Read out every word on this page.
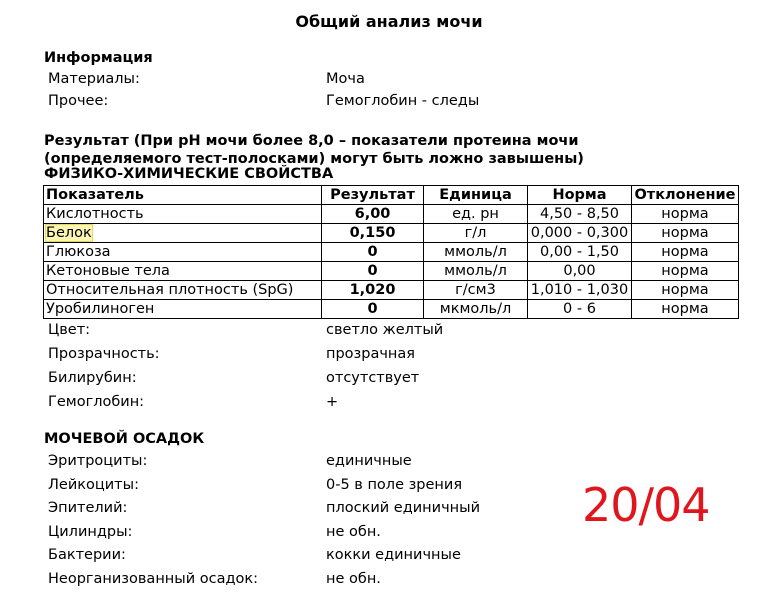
Общий анализ мочи
Информация
Материалы:	Моча
Прочее:	Гемоглобин - следы
Результат (При pH мочи более 8,0 – показатели протеина мочи
(определяемого тест-полосками) могут быть ложно завышены)
ФИЗИКО-ХИМИЧЕСКИЕ СВОЙСТВА
Показатель	Результат	Единица	Норма	Отклонение
Кислотность	6,00	ед. рн	4,50 - 8,50	норма
Белок	0,150	г/л	0,000 - 0,300	норма
Глюкоза	0	ммоль/л	0,00 - 1,50	норма
Кетоновые тела	0	ммоль/л	0,00	норма
Относительная плотность (SpG)	1,020	г/см3	1,010 - 1,030	норма
Уробилиноген	0	мкмоль/л	0 - 6	норма
Цвет:	светло желтый
Прозрачность:	прозрачная
Билирубин:	отсутствует
Гемоглобин:	+
МОЧЕВОЙ ОСАДОК
Эритроциты:	единичные
Лейкоциты:	0-5 в поле зрения
Эпителий:	плоский единичный
Цилиндры:	не обн.
Бактерии:	кокки единичные
Неорганизованный осадок:	не обн.
20/04
